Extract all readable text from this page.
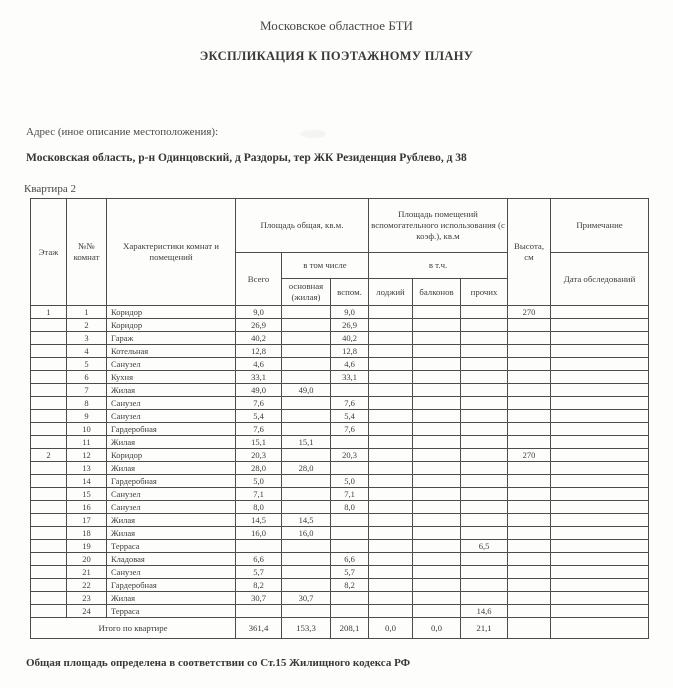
Московское областное БТИ
ЭКСПЛИКАЦИЯ К ПОЭТАЖНОМУ ПЛАНУ
Адрес (иное описание местоположения):
Московская область, р-н Одинцовский, д Раздоры, тер ЖК Резиденция Рублево, д 38
Квартира 2
Этаж	№№ комнат	Характеристики комнат и помещений	Площадь общая, кв.м.			Площадь помещений вспомогательного использования (с коэф.), кв.м			Высота, см	Примечание
			Всего	в том числе		в т.ч.				Дата обследований
				основная (жилая)	вспом.	лоджий	балконов	прочих		
1	1	Коридор	9,0		9,0				270	
	2	Коридор	26,9		26,9					
	3	Гараж	40,2		40,2					
	4	Котельная	12,8		12,8					
	5	Санузел	4,6		4,6					
	6	Кухня	33,1		33,1					
	7	Жилая	49,0	49,0						
	8	Санузел	7,6		7,6					
	9	Санузел	5,4		5,4					
	10	Гардеробная	7,6		7,6					
	11	Жилая	15,1	15,1						
2	12	Коридор	20,3		20,3				270	
	13	Жилая	28,0	28,0						
	14	Гардеробная	5,0		5,0					
	15	Санузел	7,1		7,1					
	16	Санузел	8,0		8,0					
	17	Жилая	14,5	14,5						
	18	Жилая	16,0	16,0						
	19	Терраса						6,5		
	20	Кладовая	6,6		6,6					
	21	Санузел	5,7		5,7					
	22	Гардеробная	8,2		8,2					
	23	Жилая	30,7	30,7						
	24	Терраса						14,6		
Итого по квартире			361,4	153,3	208,1	0,0	0,0	21,1		
Общая площадь определена в соответствии со Ст.15 Жилищного кодекса РФ
